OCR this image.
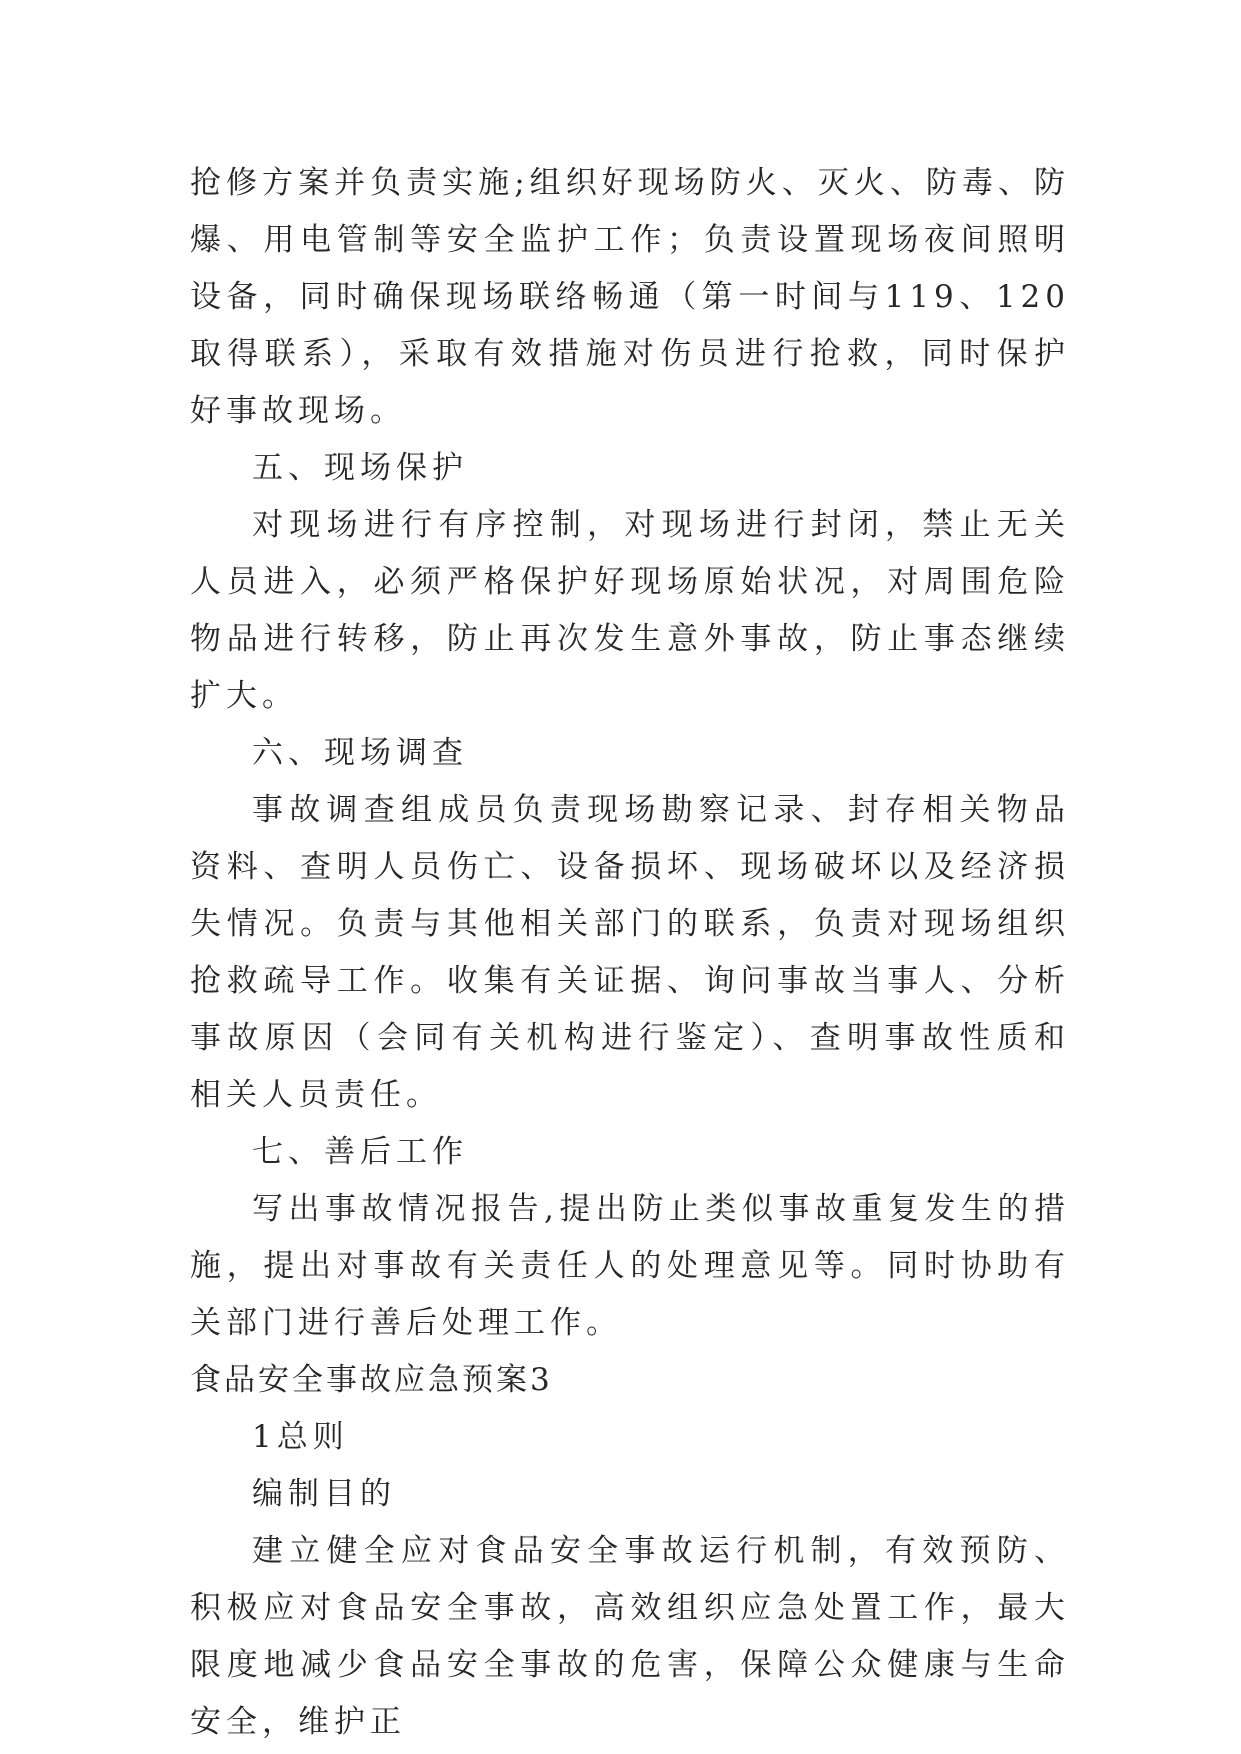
抢修方案并负责实施;组织好现场防火、灭火、防毒、防爆、用电管制等安全监护工作；负责设置现场夜间照明设备，同时确保现场联络畅通（第一时间与119、120取得联系），采取有效措施对伤员进行抢救，同时保护好事故现场。

五、现场保护

对现场进行有序控制，对现场进行封闭，禁止无关人员进入，必须严格保护好现场原始状况，对周围危险物品进行转移，防止再次发生意外事故，防止事态继续扩大。

六、现场调查

事故调查组成员负责现场勘察记录、封存相关物品资料、查明人员伤亡、设备损坏、现场破坏以及经济损失情况。负责与其他相关部门的联系，负责对现场组织抢救疏导工作。收集有关证据、询问事故当事人、分析事故原因（会同有关机构进行鉴定）、查明事故性质和相关人员责任。

七、善后工作

写出事故情况报告,提出防止类似事故重复发生的措施，提出对事故有关责任人的处理意见等。同时协助有关部门进行善后处理工作。

食品安全事故应急预案3

1总则

编制目的

建立健全应对食品安全事故运行机制，有效预防、积极应对食品安全事故，高效组织应急处置工作，最大限度地减少食品安全事故的危害，保障公众健康与生命安全，维护正
